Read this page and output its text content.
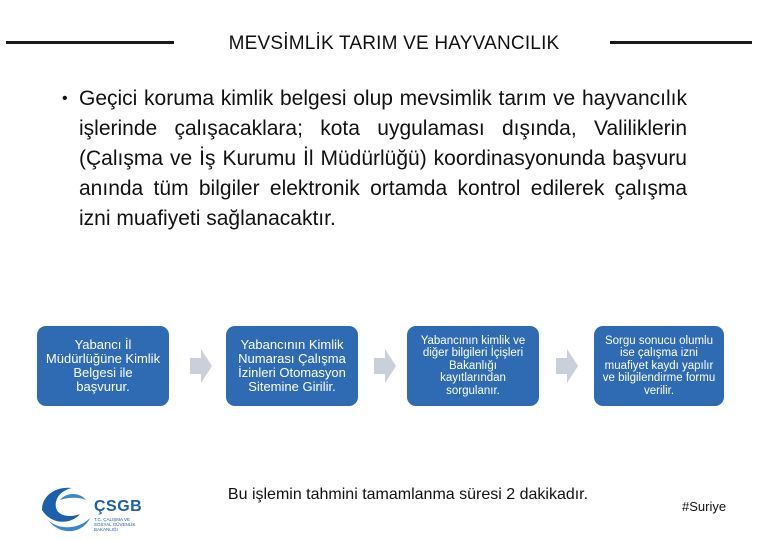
MEVSİMLİK TARIM VE HAYVANCILIK
• Geçici koruma kimlik belgesi olup mevsimlik tarım ve hayvancılık işlerinde çalışacaklara; kota uygulaması dışında, Valiliklerin (Çalışma ve İş Kurumu İl Müdürlüğü) koordinasyonunda başvuru anında tüm bilgiler elektronik ortamda kontrol edilerek çalışma izni muafiyeti sağlanacaktır.
Yabancı İl Müdürlüğüne Kimlik Belgesi ile başvurur.
Yabancının Kimlik Numarası Çalışma İzinleri Otomasyon Sitemine Girilir.
Yabancının kimlik ve diğer bilgileri İçişleri Bakanlığı kayıtlarından sorgulanır.
Sorgu sonucu olumlu ise çalışma izni muafiyet kaydı yapılır ve bilgilendirme formu verilir.
ÇSGB
T.C. ÇALIŞMA VE SOSYAL GÜVENLİK BAKANLIĞI
Bu işlemin tahmini tamamlanma süresi 2 dakikadır.
#Suriye
